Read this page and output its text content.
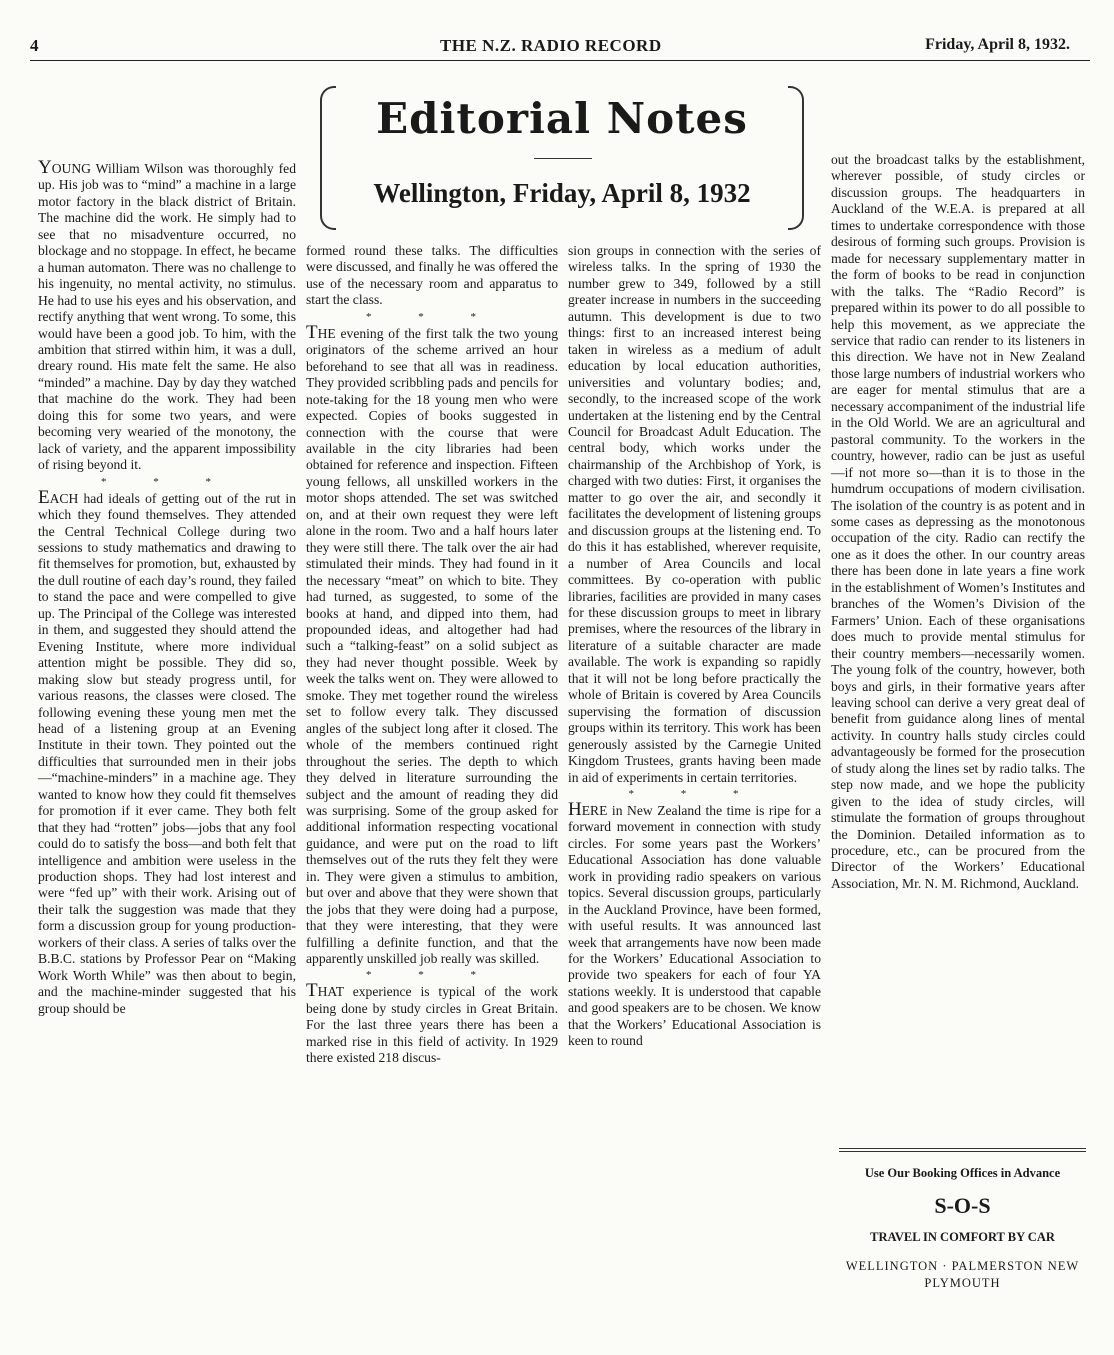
4	THE N.Z. RADIO RECORD	Friday, April 8, 1932.
Editorial Notes
Wellington, Friday, April 8, 1932

YOUNG William Wilson was thoroughly fed up. His job was to “mind” a machine in a large motor factory in the black district of Britain. The machine did the work. He simply had to see that no misadventure occurred, no blockage and no stoppage. In effect, he became a human automaton. There was no challenge to his ingenuity, no mental activity, no stimulus. He had to use his eyes and his observation, and rectify anything that went wrong. To some, this would have been a good job. To him, with the ambition that stirred within him, it was a dull, dreary round. His mate felt the same. He also “minded” a machine. Day by day they watched that machine do the work. They had been doing this for some two years, and were becoming very wearied of the monotony, the lack of variety, and the apparent impossibility of rising beyond it.

* * *

EACH had ideals of getting out of the rut in which they found themselves. They attended the Central Technical College during two sessions to study mathematics and drawing to fit themselves for promotion, but, exhausted by the dull routine of each day’s round, they failed to stand the pace and were compelled to give up. The Principal of the College was interested in them, and suggested they should attend the Evening Institute, where more individual attention might be possible. They did so, making slow but steady progress until, for various reasons, the classes were closed. The following evening these young men met the head of a listening group at an Evening Institute in their town. They pointed out the difficulties that surrounded men in their jobs —“machine-minders” in a machine age. They wanted to know how they could fit themselves for promotion if it ever came. They both felt that they had “rotten” jobs—jobs that any fool could do to satisfy the boss—and both felt that intelligence and ambition were useless in the production shops. They had lost interest and were “fed up” with their work. Arising out of their talk the suggestion was made that they form a discussion group for young production-workers of their class. A series of talks over the B.B.C. stations by Professor Pear on “Making Work Worth While” was then about to begin, and the machine-minder suggested that his group should be

formed round these talks. The difficulties were discussed, and finally he was offered the use of the necessary room and apparatus to start the class.

* * *

THE evening of the first talk the two young originators of the scheme arrived an hour beforehand to see that all was in readiness. They provided scribbling pads and pencils for note-taking for the 18 young men who were expected. Copies of books suggested in connection with the course that were available in the city libraries had been obtained for reference and inspection. Fifteen young fellows, all unskilled workers in the motor shops attended. The set was switched on, and at their own request they were left alone in the room. Two and a half hours later they were still there. The talk over the air had stimulated their minds. They had found in it the necessary “meat” on which to bite. They had turned, as suggested, to some of the books at hand, and dipped into them, had propounded ideas, and altogether had had such a “talking-feast” on a solid subject as they had never thought possible. Week by week the talks went on. They were allowed to smoke. They met together round the wireless set to follow every talk. They discussed angles of the subject long after it closed. The whole of the members continued right throughout the series. The depth to which they delved in literature surrounding the subject and the amount of reading they did was surprising. Some of the group asked for additional information respecting vocational guidance, and were put on the road to lift themselves out of the ruts they felt they were in. They were given a stimulus to ambition, but over and above that they were shown that the jobs that they were doing had a purpose, that they were interesting, that they were fulfilling a definite function, and that the apparently unskilled job really was skilled.

* * *

THAT experience is typical of the work being done by study circles in Great Britain. For the last three years there has been a marked rise in this field of activity. In 1929 there existed 218 discus-

sion groups in connection with the series of wireless talks. In the spring of 1930 the number grew to 349, followed by a still greater increase in numbers in the succeeding autumn. This development is due to two things: first to an increased interest being taken in wireless as a medium of adult education by local education authorities, universities and voluntary bodies; and, secondly, to the increased scope of the work undertaken at the listening end by the Central Council for Broadcast Adult Education. The central body, which works under the chairmanship of the Archbishop of York, is charged with two duties: First, it organises the matter to go over the air, and secondly it facilitates the development of listening groups and discussion groups at the listening end. To do this it has established, wherever requisite, a number of Area Councils and local committees. By co-operation with public libraries, facilities are provided in many cases for these discussion groups to meet in library premises, where the resources of the library in literature of a suitable character are made available. The work is expanding so rapidly that it will not be long before practically the whole of Britain is covered by Area Councils supervising the formation of discussion groups within its territory. This work has been generously assisted by the Carnegie United Kingdom Trustees, grants having been made in aid of experiments in certain territories.

* * *

HERE in New Zealand the time is ripe for a forward movement in connection with study circles. For some years past the Workers’ Educational Association has done valuable work in providing radio speakers on various topics. Several discussion groups, particularly in the Auckland Province, have been formed, with useful results. It was announced last week that arrangements have now been made for the Workers’ Educational Association to provide two speakers for each of four YA stations weekly. It is understood that capable and good speakers are to be chosen. We know that the Workers’ Educational Association is keen to round

out the broadcast talks by the establishment, wherever possible, of study circles or discussion groups. The headquarters in Auckland of the W.E.A. is prepared at all times to undertake correspondence with those desirous of forming such groups. Provision is made for necessary supplementary matter in the form of books to be read in conjunction with the talks. The “Radio Record” is prepared within its power to do all possible to help this movement, as we appreciate the service that radio can render to its listeners in this direction. We have not in New Zealand those large numbers of industrial workers who are eager for mental stimulus that are a necessary accompaniment of the industrial life in the Old World. We are an agricultural and pastoral community. To the workers in the country, however, radio can be just as useful—if not more so—than it is to those in the humdrum occupations of modern civilisation. The isolation of the country is as potent and in some cases as depressing as the monotonous occupation of the city. Radio can rectify the one as it does the other. In our country areas there has been done in late years a fine work in the establishment of Women’s Institutes and branches of the Women’s Division of the Farmers’ Union. Each of these organisations does much to provide mental stimulus for their country members—necessarily women. The young folk of the country, however, both boys and girls, in their formative years after leaving school can derive a very great deal of benefit from guidance along lines of mental activity. In country halls study circles could advantageously be formed for the prosecution of study along the lines set by radio talks. The step now made, and we hope the publicity given to the idea of study circles, will stimulate the formation of groups throughout the Dominion. Detailed information as to procedure, etc., can be procured from the Director of the Workers’ Educational Association, Mr. N. M. Richmond, Auckland.

Use Our Booking Offices in Advance
S-O-S
TRAVEL IN COMFORT BY CAR
WELLINGTON · PALMERSTON NEW PLYMOUTH
